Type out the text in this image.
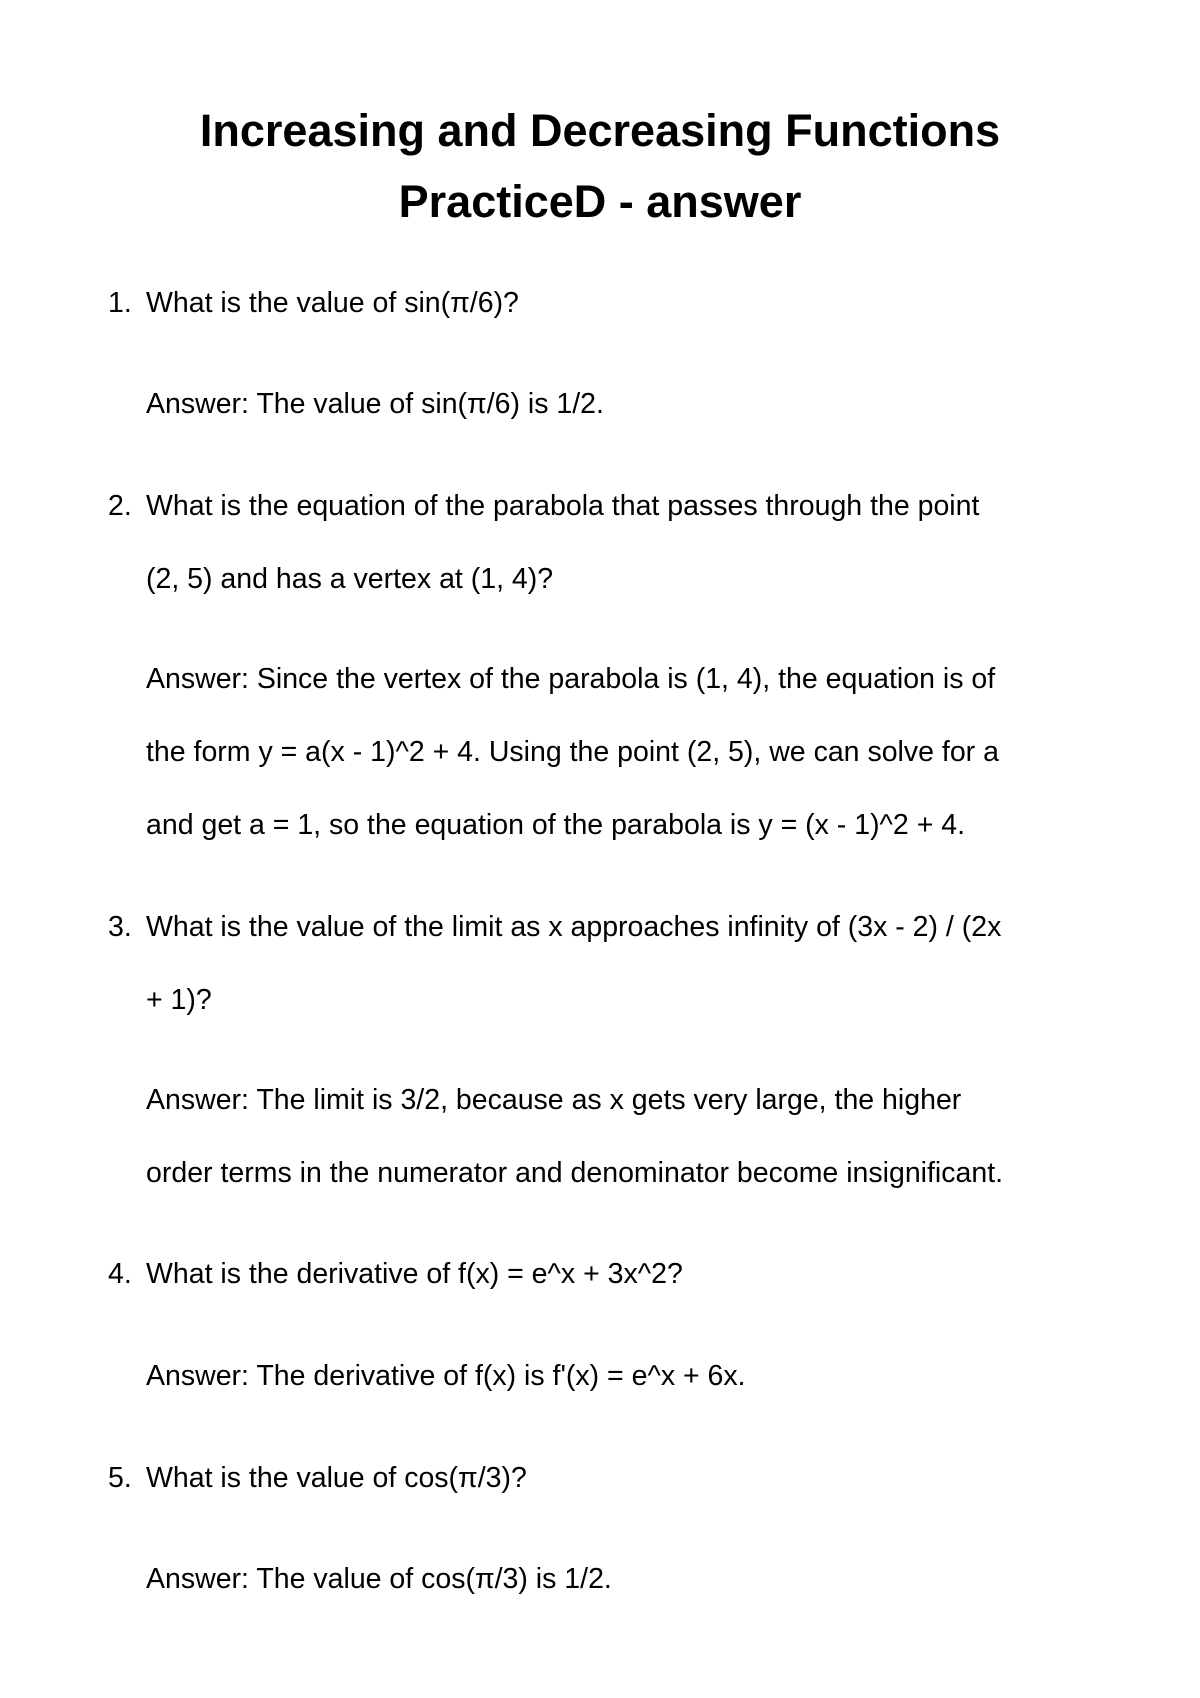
Increasing and Decreasing Functions
PracticeD - answer

1. What is the value of sin(π/6)?

Answer: The value of sin(π/6) is 1/2.

2. What is the equation of the parabola that passes through the point

(2, 5) and has a vertex at (1, 4)?

Answer: Since the vertex of the parabola is (1, 4), the equation is of

the form y = a(x - 1)^2 + 4. Using the point (2, 5), we can solve for a

and get a = 1, so the equation of the parabola is y = (x - 1)^2 + 4.

3. What is the value of the limit as x approaches infinity of (3x - 2) / (2x

+ 1)?

Answer: The limit is 3/2, because as x gets very large, the higher

order terms in the numerator and denominator become insignificant.

4. What is the derivative of f(x) = e^x + 3x^2?

Answer: The derivative of f(x) is f'(x) = e^x + 6x.

5. What is the value of cos(π/3)?

Answer: The value of cos(π/3) is 1/2.
